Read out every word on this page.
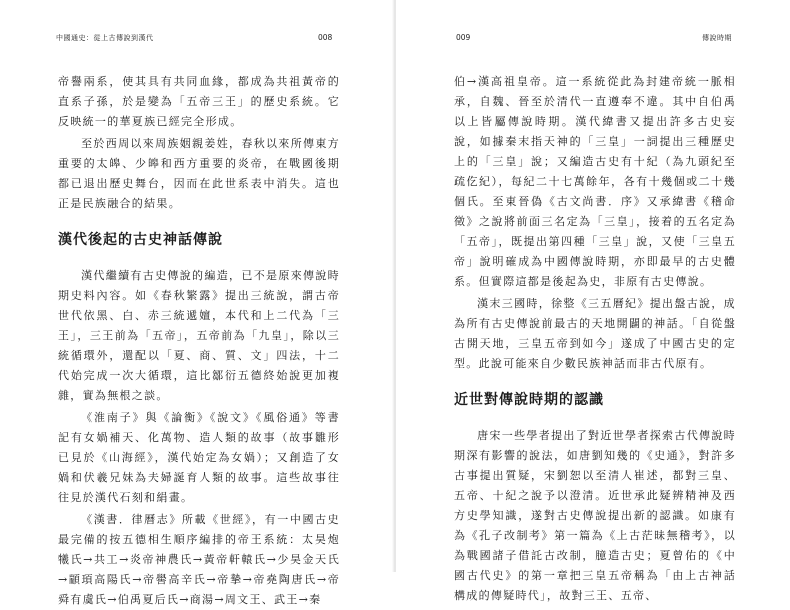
中國通史：從上古傳說到漢代	008

帝譽兩系，使其具有共同血緣，都成為共祖黃帝的直系子孫，於是變為「五帝三王」的歷史系統。它反映統一的華夏族已經完全形成。

至於西周以來周族姻親姜姓，春秋以來所傳東方重要的太皞、少皞和西方重要的炎帝，在戰國後期都已退出歷史舞台，因而在此世系表中消失。這也正是民族融合的結果。

漢代後起的古史神話傳說

漢代繼續有古史傳說的編造，已不是原來傳說時期史料內容。如《春秋繁露》提出三統說，謂古帝世代依黑、白、赤三統遞嬗，本代和上二代為「三王」，三王前為「五帝」，五帝前為「九皇」，除以三統循環外，還配以「夏、商、質、文」四法，十二代始完成一次大循環，這比鄒衍五德終始說更加複雜，實為無根之談。

《淮南子》與《論衡》《說文》《風俗通》等書記有女媧補天、化萬物、造人類的故事（故事雛形已見於《山海經》，漢代始定為女媧）；又創造了女媧和伏羲兄妹為夫婦誕育人類的故事。這些故事往往見於漢代石刻和絹畫。

《漢書．律曆志》所載《世經》，有一中國古史最完備的按五德相生順序編排的帝王系統：太昊炮犧氏→共工→炎帝神農氏→黃帝軒轅氏→少昊金天氏→顓頊高陽氏→帝嚳高辛氏→帝摯→帝堯陶唐氏→帝舜有虞氏→伯禹夏后氏→商湯→周文王、武王→秦

009	傳說時期

伯→漢高祖皇帝。這一系統從此為封建帝統一脈相承，自魏、晉至於清代一直遵奉不違。其中自伯禹以上皆屬傳說時期。漢代緯書又提出許多古史妄說，如據秦末指天神的「三皇」一詞提出三種歷史上的「三皇」說；又編造古史有十紀（為九頭紀至疏仡紀），每紀二十七萬餘年，各有十幾個或二十幾個氏。至東晉偽《古文尚書．序》又承緯書《稽命徵》之說將前面三名定為「三皇」，接着的五名定為「五帝」，既提出第四種「三皇」說，又使「三皇五帝」說明確成為中國傳說時期，亦即最早的古史體系。但實際這都是後起為史，非原有古史傳說。

漢末三國時，徐整《三五曆紀》提出盤古說，成為所有古史傳說前最古的天地開闢的神話。「自從盤古開天地，三皇五帝到如今」遂成了中國古史的定型。此說可能來自少數民族神話而非古代原有。

近世對傳說時期的認識

唐宋一些學者提出了對近世學者探索古代傳說時期深有影響的說法，如唐劉知幾的《史通》，對許多古事提出質疑，宋劉恕以至清人崔述，都對三皇、五帝、十紀之說予以澄清。近世承此疑辨精神及西方史學知識，遂對古史傳說提出新的認識。如康有為《孔子改制考》第一篇為《上古茫昧無稽考》，以為戰國諸子借託古改制，臆造古史；夏曾佑的《中國古代史》的第一章把三皇五帝稱為「由上古神話構成的傳疑時代」，故對三王、五帝、
